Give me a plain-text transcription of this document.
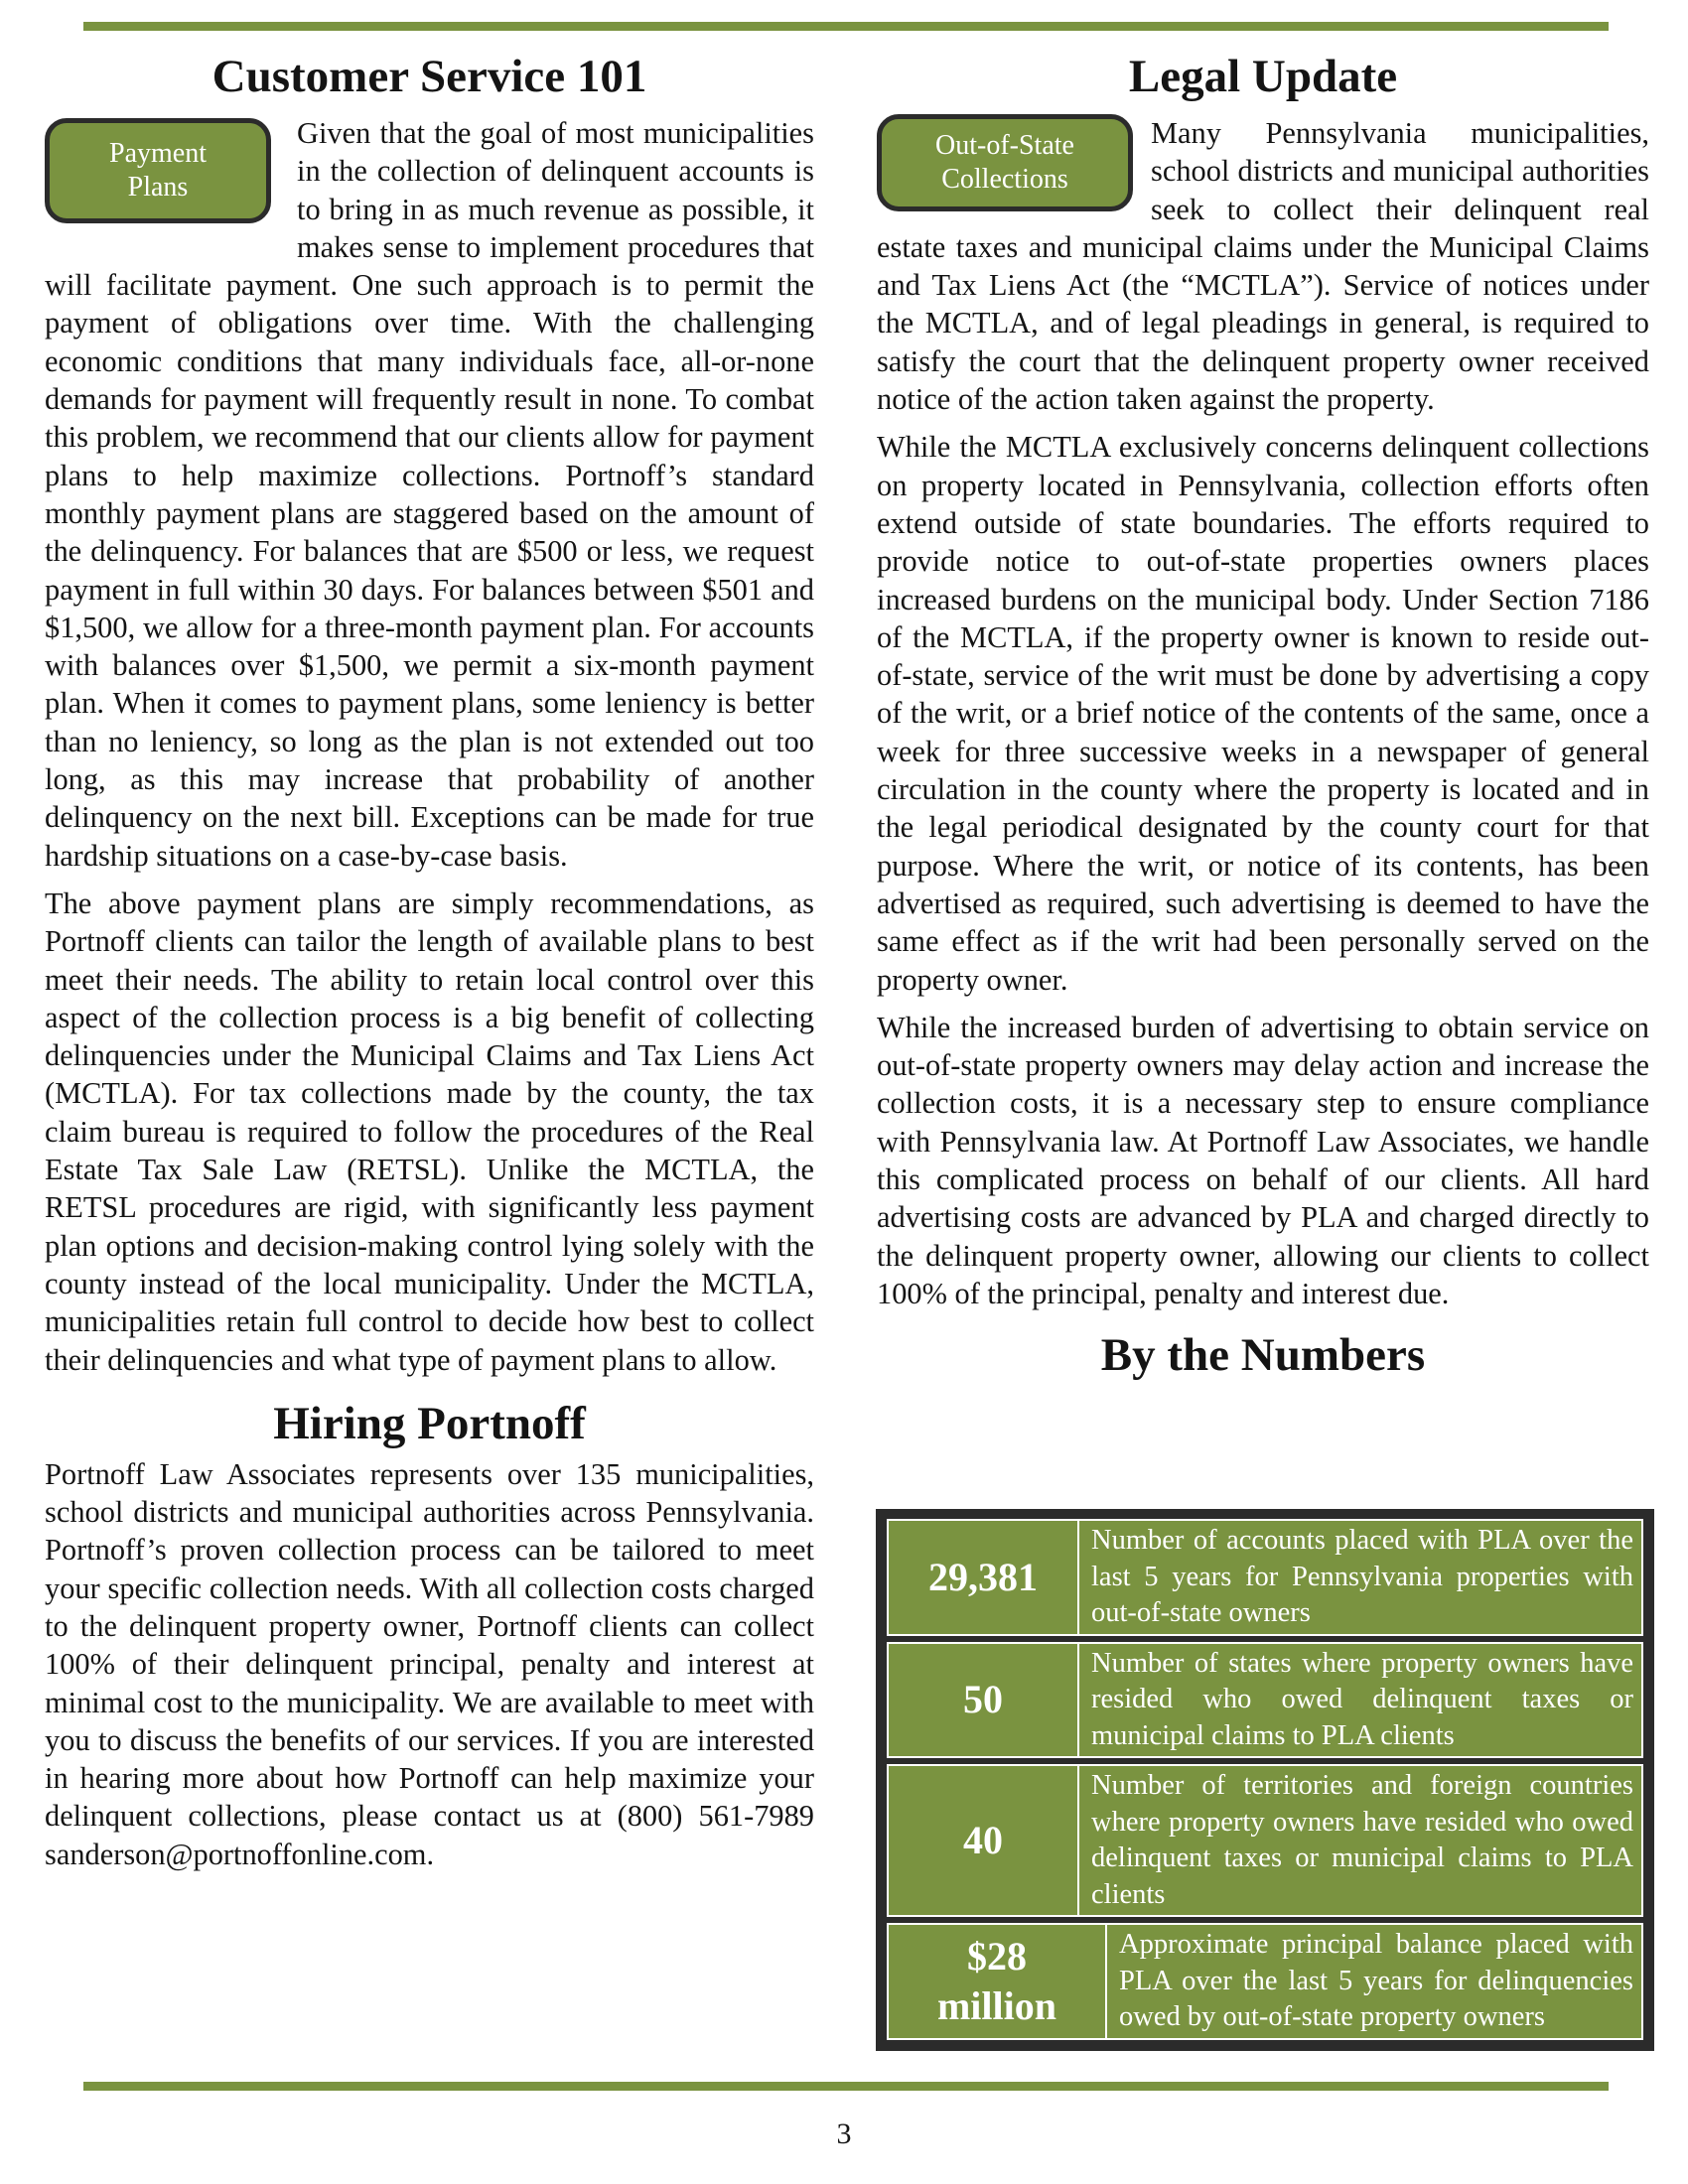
Customer Service 101
Payment
Plans

Given that the goal of most municipalities in the collection of delinquent accounts is to bring in as much revenue as possible, it makes sense to implement procedures that will facilitate payment. One such approach is to permit the payment of obligations over time. With the challenging economic conditions that many individuals face, all-or-none demands for payment will frequently result in none. To combat this problem, we recommend that our clients allow for payment plans to help maximize collections. Portnoff’s standard monthly payment plans are staggered based on the amount of the delinquency. For balances that are $500 or less, we request payment in full within 30 days. For balances between $501 and $1,500, we allow for a three-month payment plan. For accounts with balances over $1,500, we permit a six-month payment plan. When it comes to payment plans, some leniency is better than no leniency, so long as the plan is not extended out too long, as this may increase that probability of another delinquency on the next bill. Exceptions can be made for true hardship situations on a case-by-case basis.

The above payment plans are simply recommendations, as Portnoff clients can tailor the length of available plans to best meet their needs. The ability to retain local control over this aspect of the collection process is a big benefit of collecting delinquencies under the Municipal Claims and Tax Liens Act (MCTLA). For tax collections made by the county, the tax claim bureau is required to follow the procedures of the Real Estate Tax Sale Law (RETSL). Unlike the MCTLA, the RETSL procedures are rigid, with significantly less payment plan options and decision-making control lying solely with the county instead of the local municipality. Under the MCTLA, municipalities retain full control to decide how best to collect their delinquencies and what type of payment plans to allow.

Hiring Portnoff

Portnoff Law Associates represents over 135 municipalities, school districts and municipal authorities across Pennsylvania. Portnoff’s proven collection process can be tailored to meet your specific collection needs. With all collection costs charged to the delinquent property owner, Portnoff clients can collect 100% of their delinquent principal, penalty and interest at minimal cost to the municipality. We are available to meet with you to discuss the benefits of our services. If you are interested in hearing more about how Portnoff can help maximize your delinquent collections, please contact us at (800) 561-7989 sanderson@portnoffonline.com.

Legal Update
Out-of-State
Collections

Many Pennsylvania municipalities, school districts and municipal authorities seek to collect their delinquent real estate taxes and municipal claims under the Municipal Claims and Tax Liens Act (the “MCTLA”). Service of notices under the MCTLA, and of legal pleadings in general, is required to satisfy the court that the delinquent property owner received notice of the action taken against the property.

While the MCTLA exclusively concerns delinquent collections on property located in Pennsylvania, collection efforts often extend outside of state boundaries. The efforts required to provide notice to out-of-state properties owners places increased burdens on the municipal body. Under Section 7186 of the MCTLA, if the property owner is known to reside out-of-state, service of the writ must be done by advertising a copy of the writ, or a brief notice of the contents of the same, once a week for three successive weeks in a newspaper of general circulation in the county where the property is located and in the legal periodical designated by the county court for that purpose. Where the writ, or notice of its contents, has been advertised as required, such advertising is deemed to have the same effect as if the writ had been personally served on the property owner.

While the increased burden of advertising to obtain service on out-of-state property owners may delay action and increase the collection costs, it is a necessary step to ensure compliance with Pennsylvania law. At Portnoff Law Associates, we handle this complicated process on behalf of our clients. All hard advertising costs are advanced by PLA and charged directly to the delinquent property owner, allowing our clients to collect 100% of the principal, penalty and interest due.

By the Numbers
29,381
Number of accounts placed with PLA over the last 5 years for Pennsylvania properties with out-of-state owners
50
Number of states where property owners have resided who owed delinquent taxes or municipal claims to PLA clients
40
Number of territories and foreign countries where property owners have resided who owed delinquent taxes or municipal claims to PLA clients
$28 million
Approximate principal balance placed with PLA over the last 5 years for delinquencies owed by out-of-state property owners
3
